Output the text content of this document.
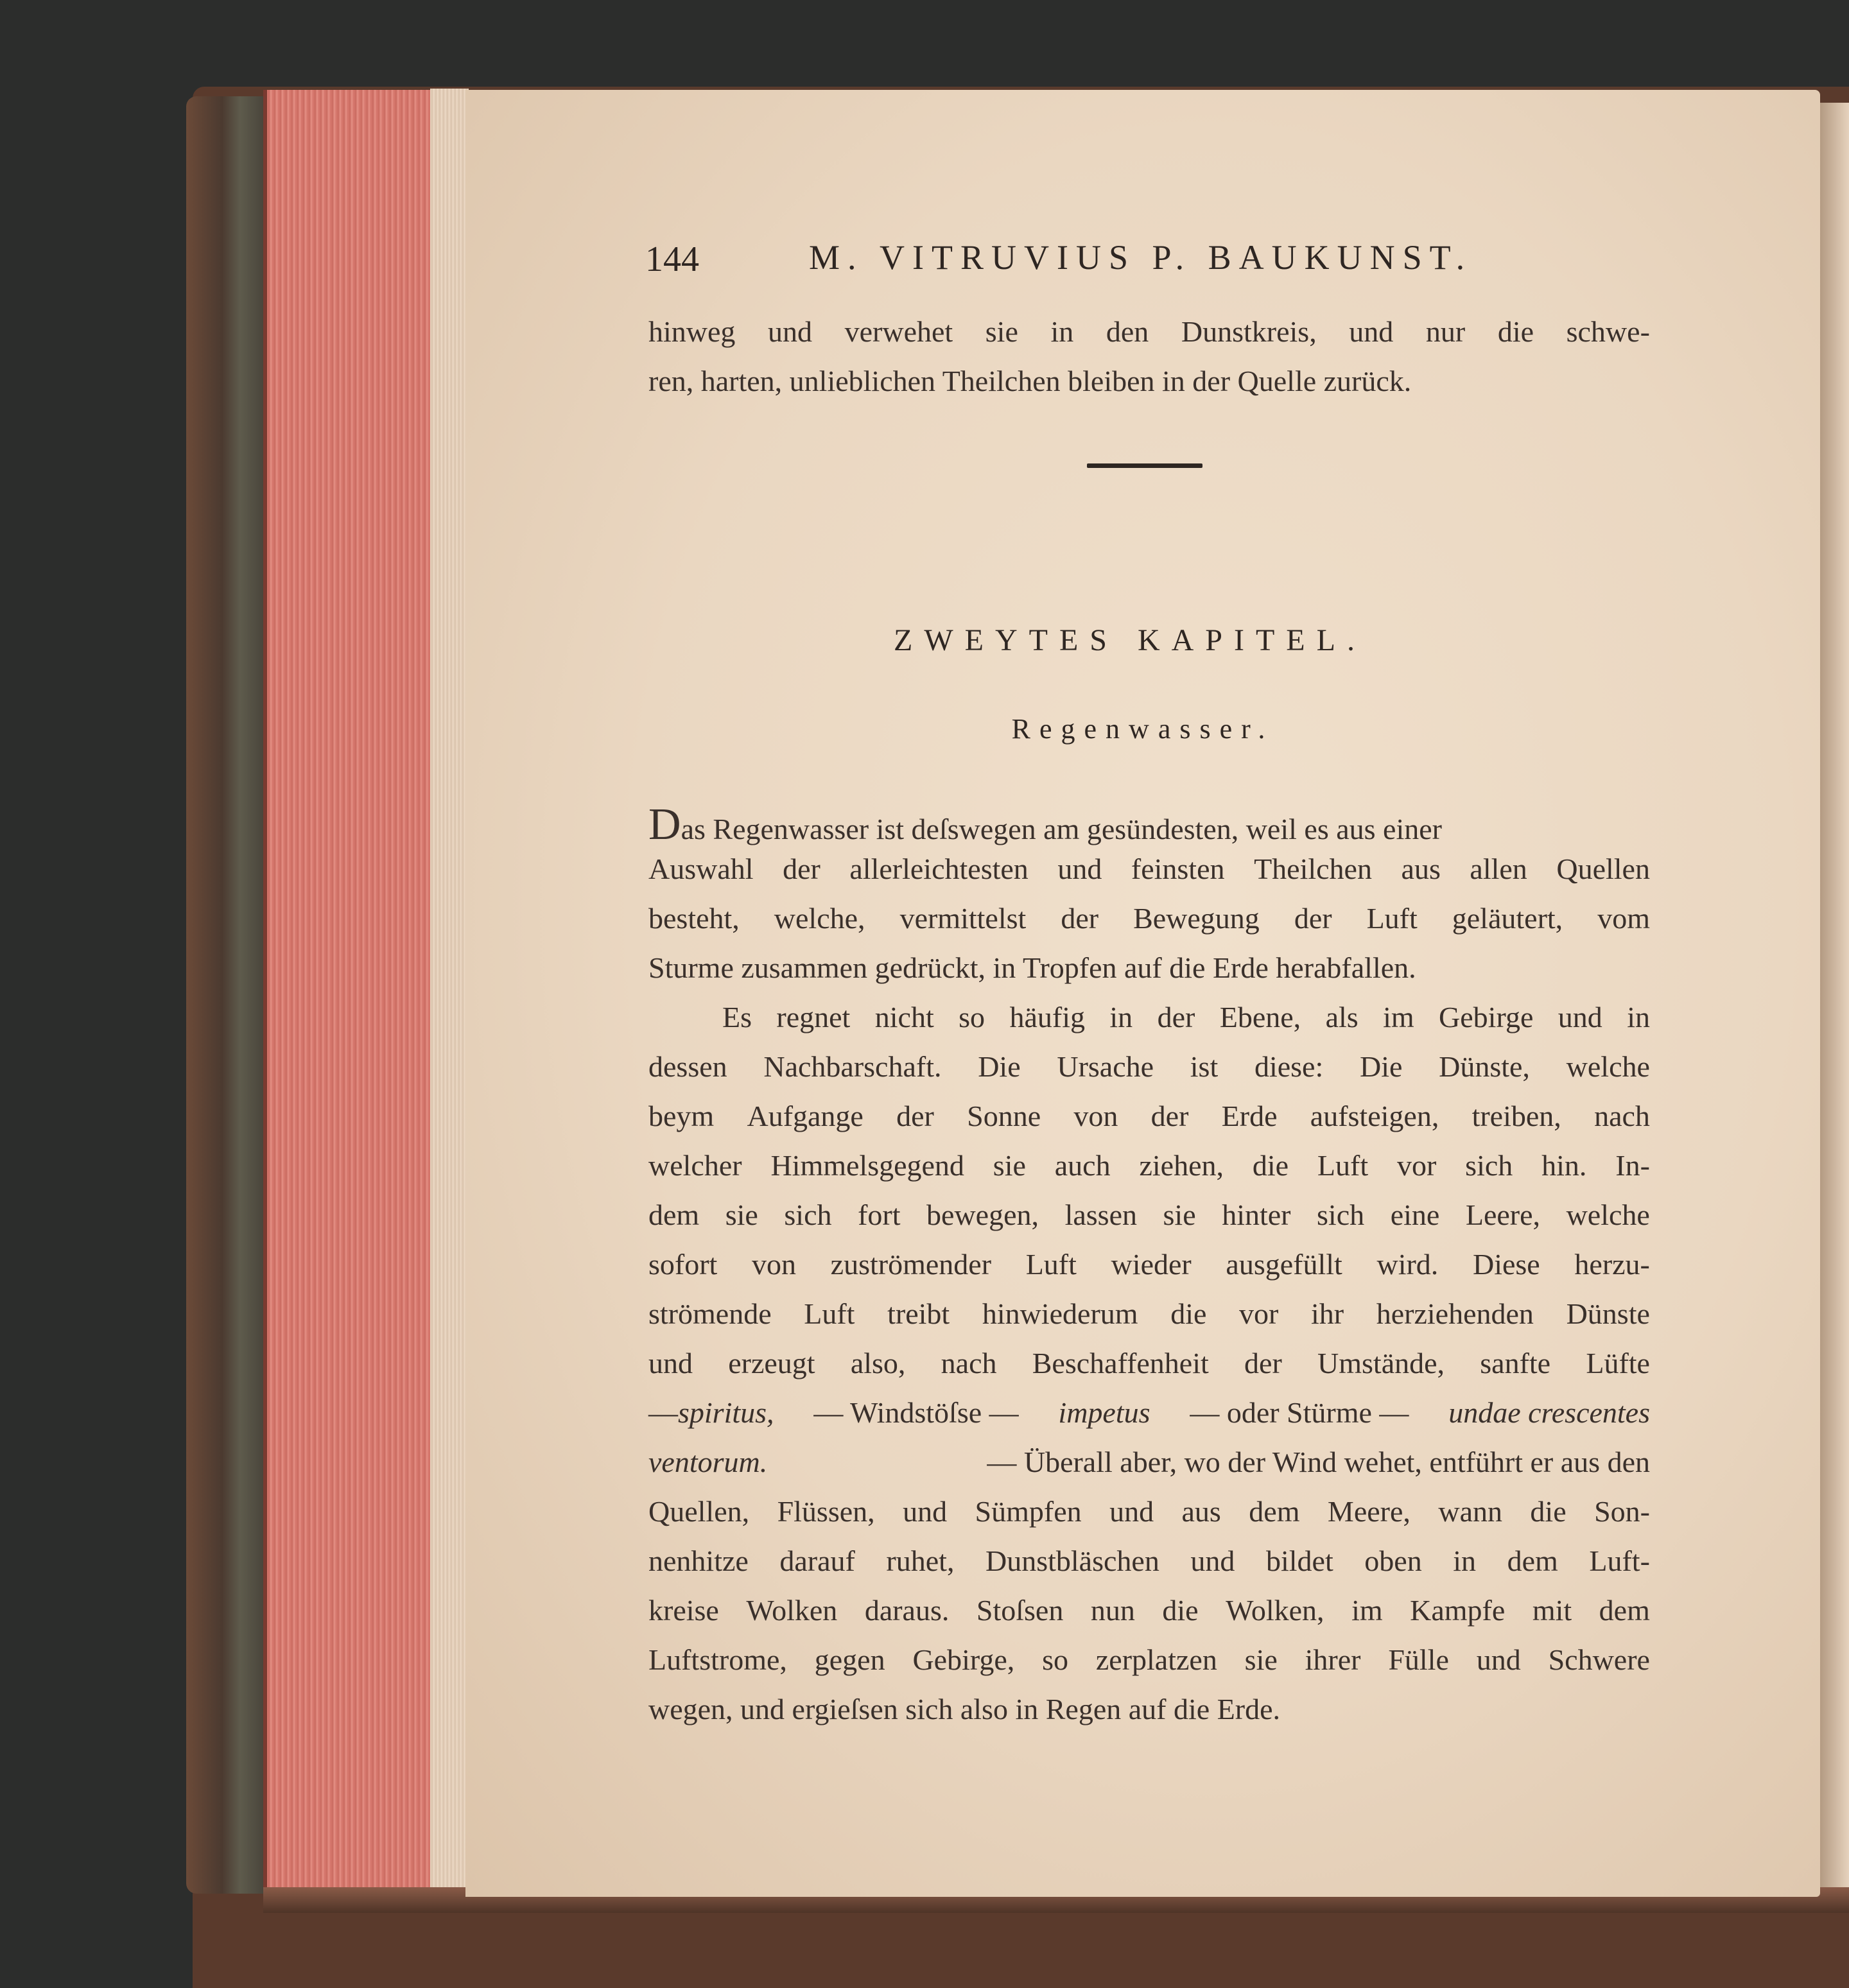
144	M. VITRUVIUS P. BAUKUNST.
hinweg und verwehet sie in den Dunstkreis, und nur die schwe-
ren, harten, unlieblichen Theilchen bleiben in der Quelle zurück.
ZWEYTES KAPITEL.
Regenwasser.
Das Regenwasser ist deſswegen am gesündesten, weil es aus einer
Auswahl der allerleichtesten und feinsten Theilchen aus allen Quellen
besteht, welche, vermittelst der Bewegung der Luft geläutert, vom
Sturme zusammen gedrückt, in Tropfen auf die Erde herabfallen.
Es regnet nicht so häufig in der Ebene, als im Gebirge und in
dessen Nachbarschaft. Die Ursache ist diese: Die Dünste, welche
beym Aufgange der Sonne von der Erde aufsteigen, treiben, nach
welcher Himmelsgegend sie auch ziehen, die Luft vor sich hin. In-
dem sie sich fort bewegen, lassen sie hinter sich eine Leere, welche
sofort von zuströmender Luft wieder ausgefüllt wird. Diese herzu-
strömende Luft treibt hinwiederum die vor ihr herziehenden Dünste
und erzeugt also, nach Beschaffenheit der Umstände, sanfte Lüfte
—spiritus, — Windstöſse — impetus — oder Stürme — undae crescentes
ventorum.	— Überall aber, wo der Wind wehet, entführt er aus den
Quellen, Flüssen, und Sümpfen und aus dem Meere, wann die Son-
nenhitze darauf ruhet, Dunstbläschen und bildet oben in dem Luft-
kreise Wolken daraus. Stoſsen nun die Wolken, im Kampfe mit dem
Luftstrome, gegen Gebirge, so zerplatzen sie ihrer Fülle und Schwere
wegen, und ergieſsen sich also in Regen auf die Erde.
